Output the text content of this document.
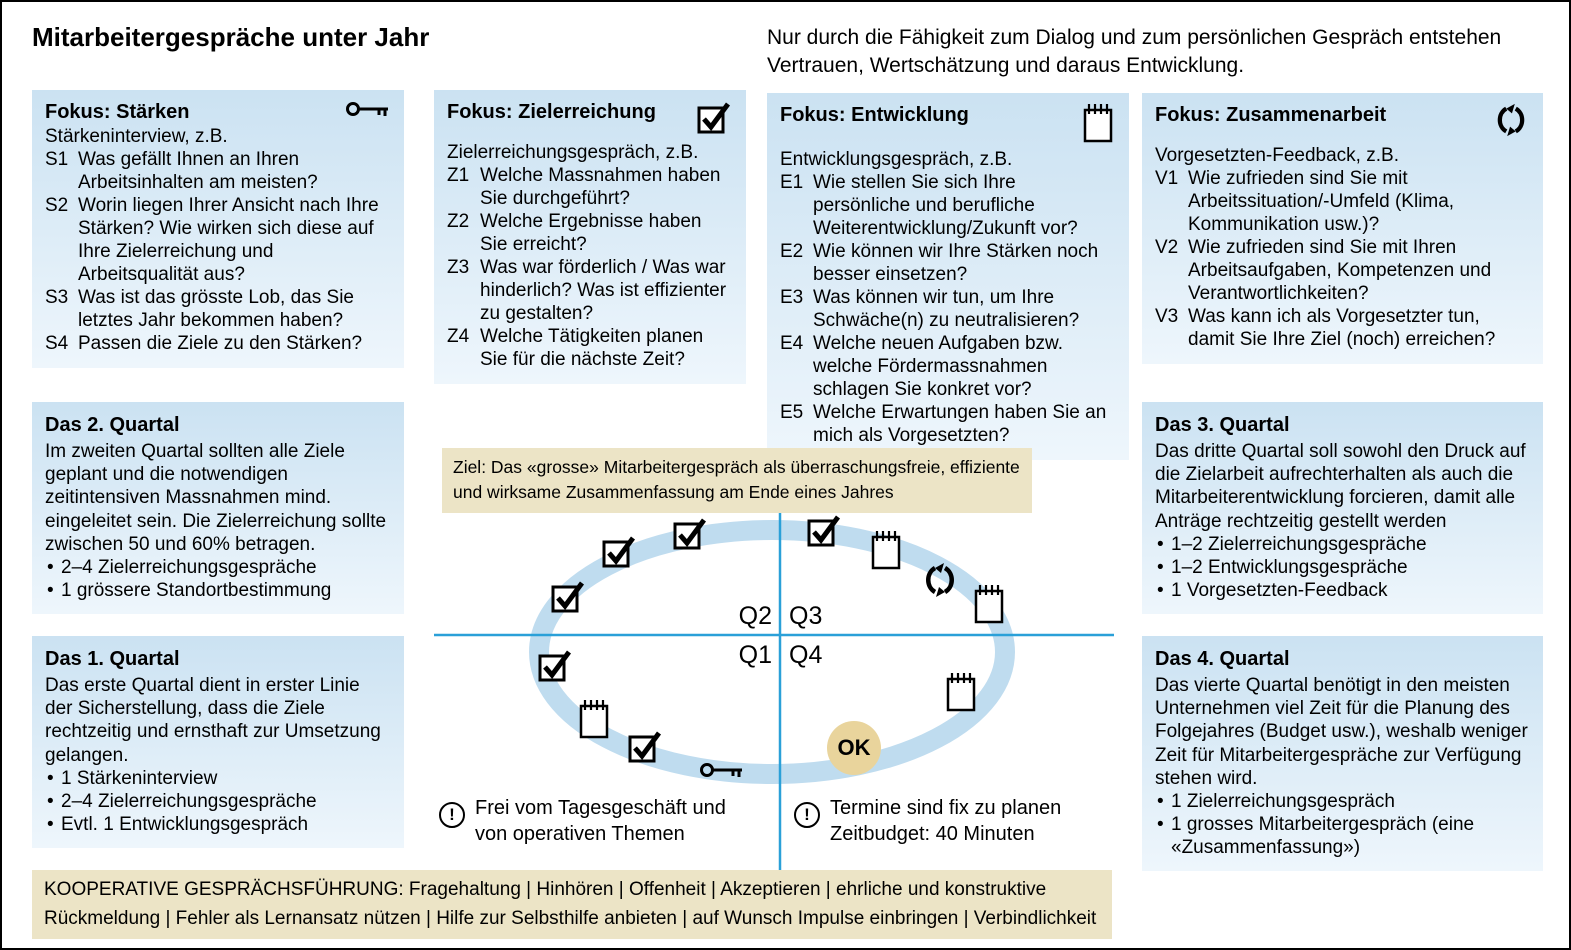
Mitarbeitergespräche unter Jahr	Nur durch die Fähigkeit zum Dialog und zum persönlichen Gespräch entstehen Vertrauen, Wertschätzung und daraus Entwicklung.
Fokus: Stärken
Stärkeninterview, z.B.
S1 Was gefällt Ihnen an Ihren Arbeitsinhalten am meisten?
S2 Worin liegen Ihrer Ansicht nach Ihre Stärken? Wie wirken sich diese auf Ihre Zielerreichung und Arbeitsqualität aus?
S3 Was ist das grösste Lob, das Sie letztes Jahr bekommen haben?
S4 Passen die Ziele zu den Stärken?
Fokus: Zielerreichung
Zielerreichungsgespräch, z.B.
Z1 Welche Massnahmen haben Sie durchgeführt?
Z2 Welche Ergebnisse haben Sie erreicht?
Z3 Was war förderlich / Was war hinderlich? Was ist effizienter zu gestalten?
Z4 Welche Tätigkeiten planen Sie für die nächste Zeit?
Fokus: Entwicklung
Entwicklungsgespräch, z.B.
E1 Wie stellen Sie sich Ihre persönliche und berufliche Weiterentwicklung/Zukunft vor?
E2 Wie können wir Ihre Stärken noch besser einsetzen?
E3 Was können wir tun, um Ihre Schwäche(n) zu neutralisieren?
E4 Welche neuen Aufgaben bzw. welche Fördermassnahmen schlagen Sie konkret vor?
E5 Welche Erwartungen haben Sie an mich als Vorgesetzten?
Fokus: Zusammenarbeit
Vorgesetzten-Feedback, z.B.
V1 Wie zufrieden sind Sie mit Arbeitssituation/-Umfeld (Klima, Kommunikation usw.)?
V2 Wie zufrieden sind Sie mit Ihren Arbeitsaufgaben, Kompetenzen und Verantwortlichkeiten?
V3 Was kann ich als Vorgesetzter tun, damit Sie Ihre Ziel (noch) erreichen?
Das 2. Quartal
Im zweiten Quartal sollten alle Ziele geplant und die notwendigen zeitintensiven Massnahmen mind. eingeleitet sein. Die Zielerreichung sollte zwischen 50 und 60% betragen.
• 2–4 Zielerreichungsgespräche
• 1 grössere Standortbestimmung
Das 1. Quartal
Das erste Quartal dient in erster Linie der Sicherstellung, dass die Ziele rechtzeitig und ernsthaft zur Umsetzung gelangen.
• 1 Stärkeninterview
• 2–4 Zielerreichungsgespräche
• Evtl. 1 Entwicklungsgespräch
Das 3. Quartal
Das dritte Quartal soll sowohl den Druck auf die Zielarbeit aufrechterhalten als auch die Mitarbeiterentwicklung forcieren, damit alle Anträge rechtzeitig gestellt werden
• 1–2 Zielerreichungsgespräche
• 1–2 Entwicklungsgespräche
• 1 Vorgesetzten-Feedback
Das 4. Quartal
Das vierte Quartal benötigt in den meisten Unternehmen viel Zeit für die Planung des Folgejahres (Budget usw.), weshalb weniger Zeit für Mitarbeitergespräche zur Verfügung stehen wird.
• 1 Zielerreichungsgespräch
• 1 grosses Mitarbeitergespräch (eine «Zusammenfassung»)
Q2 Q3
Q1 Q4
OK
Ziel: Das «grosse» Mitarbeitergespräch als überraschungsfreie, effiziente und wirksame Zusammenfassung am Ende eines Jahres
!	Frei vom Tagesgeschäft und
von operativen Themen
!	Termine sind fix zu planen
Zeitbudget: 40 Minuten
KOOPERATIVE GESPRÄCHSFÜHRUNG: Fragehaltung | Hinhören | Offenheit | Akzeptieren | ehrliche und konstruktive Rückmeldung | Fehler als Lernansatz nützen | Hilfe zur Selbsthilfe anbieten | auf Wunsch Impulse einbringen | Verbindlichkeit
